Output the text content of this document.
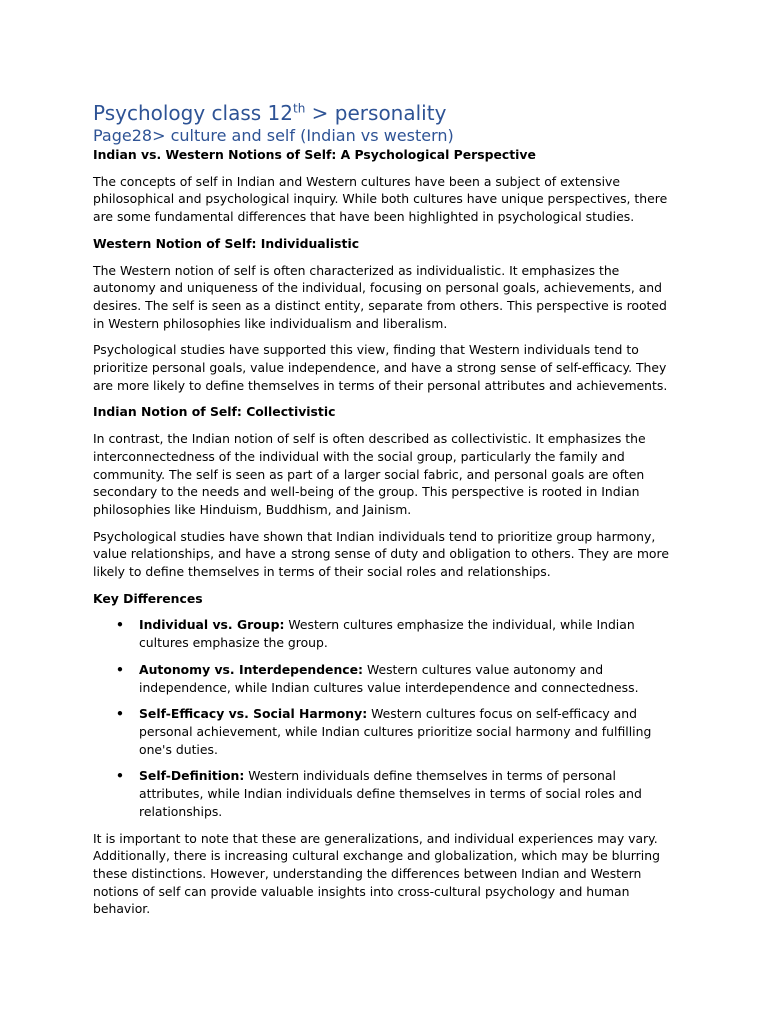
Psychology class 12th > personality
Page28> culture and self (Indian vs western)

Indian vs. Western Notions of Self: A Psychological Perspective

The concepts of self in Indian and Western cultures have been a subject of extensive philosophical and psychological inquiry. While both cultures have unique perspectives, there are some fundamental differences that have been highlighted in psychological studies.

Western Notion of Self: Individualistic

The Western notion of self is often characterized as individualistic. It emphasizes the autonomy and uniqueness of the individual, focusing on personal goals, achievements, and desires. The self is seen as a distinct entity, separate from others. This perspective is rooted in Western philosophies like individualism and liberalism.

Psychological studies have supported this view, finding that Western individuals tend to prioritize personal goals, value independence, and have a strong sense of self-efficacy. They are more likely to define themselves in terms of their personal attributes and achievements.

Indian Notion of Self: Collectivistic

In contrast, the Indian notion of self is often described as collectivistic. It emphasizes the interconnectedness of the individual with the social group, particularly the family and community. The self is seen as part of a larger social fabric, and personal goals are often secondary to the needs and well-being of the group. This perspective is rooted in Indian philosophies like Hinduism, Buddhism, and Jainism.

Psychological studies have shown that Indian individuals tend to prioritize group harmony, value relationships, and have a strong sense of duty and obligation to others. They are more likely to define themselves in terms of their social roles and relationships.

Key Differences

• Individual vs. Group: Western cultures emphasize the individual, while Indian cultures emphasize the group.
• Autonomy vs. Interdependence: Western cultures value autonomy and independence, while Indian cultures value interdependence and connectedness.
• Self-Efficacy vs. Social Harmony: Western cultures focus on self-efficacy and personal achievement, while Indian cultures prioritize social harmony and fulfilling one's duties.
• Self-Definition: Western individuals define themselves in terms of personal attributes, while Indian individuals define themselves in terms of social roles and relationships.

It is important to note that these are generalizations, and individual experiences may vary. Additionally, there is increasing cultural exchange and globalization, which may be blurring these distinctions. However, understanding the differences between Indian and Western notions of self can provide valuable insights into cross-cultural psychology and human behavior.
